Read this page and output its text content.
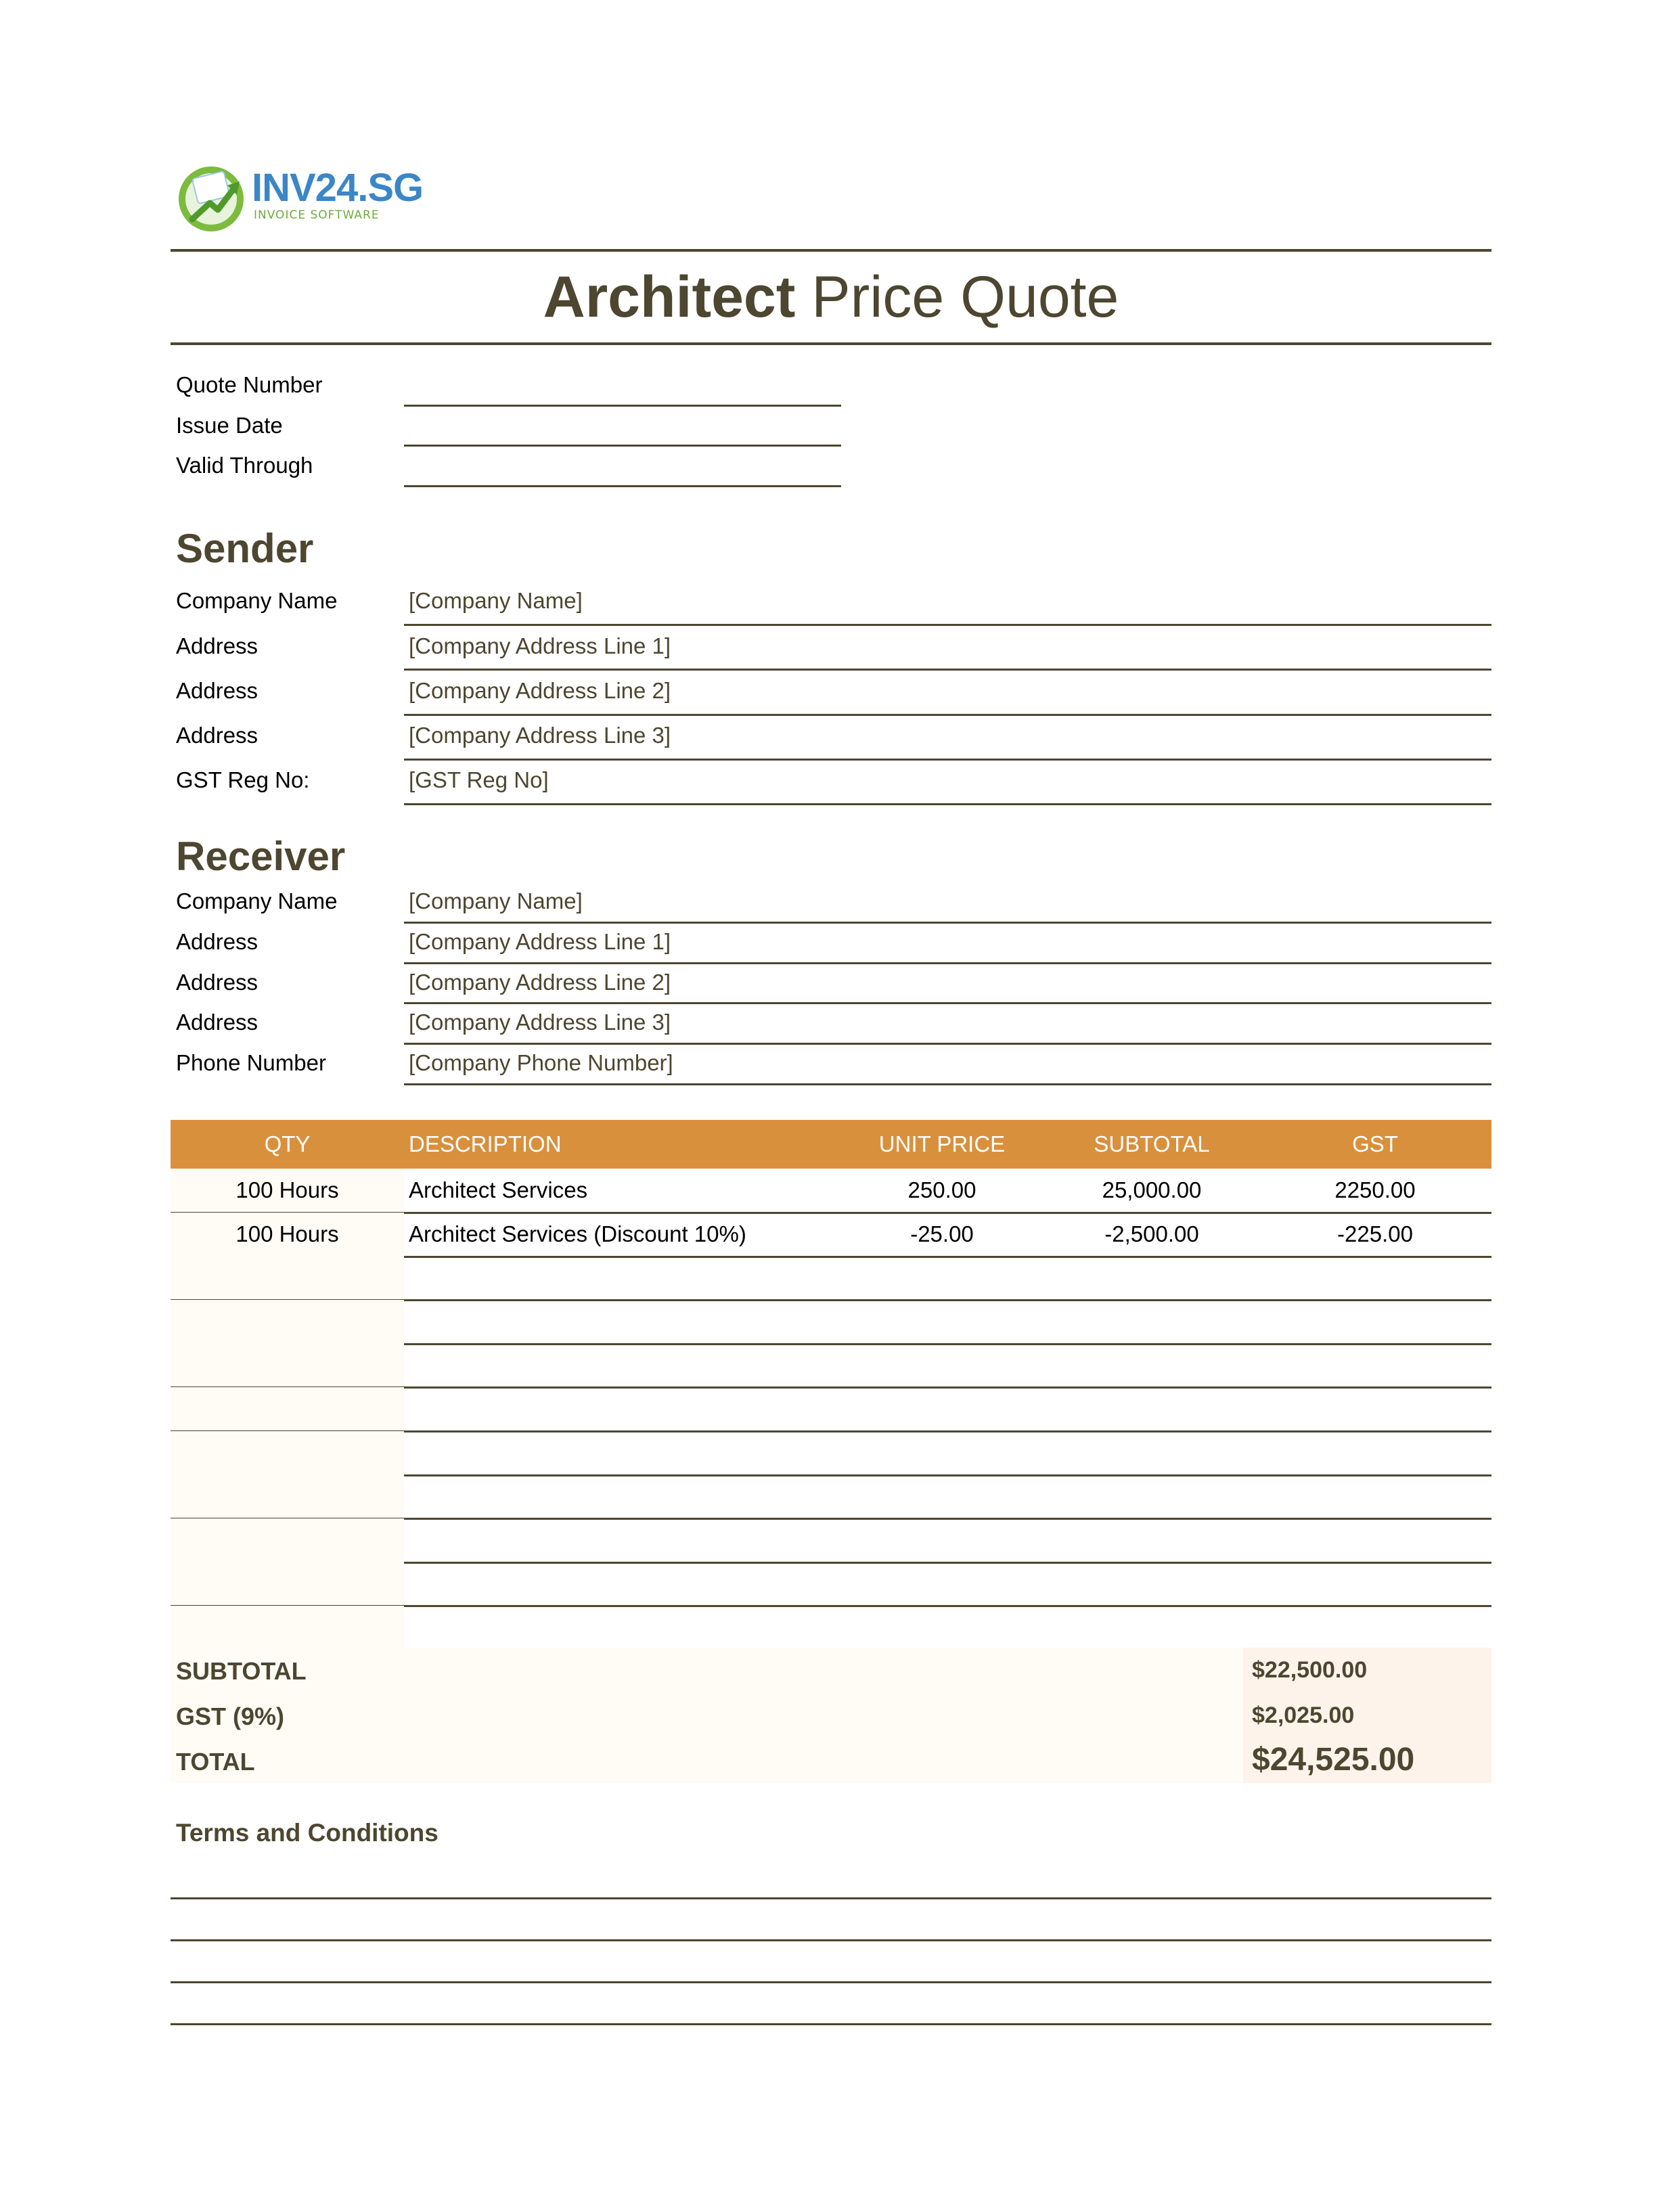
INV24.SG
INVOICE SOFTWARE
Architect Price Quote
Quote Number
Issue Date
Valid Through
Sender
Company Name	[Company Name]
Address	[Company Address Line 1]
Address	[Company Address Line 2]
Address	[Company Address Line 3]
GST Reg No:	[GST Reg No]
Receiver
Company Name	[Company Name]
Address	[Company Address Line 1]
Address	[Company Address Line 2]
Address	[Company Address Line 3]
Phone Number	[Company Phone Number]
QTY	DESCRIPTION	UNIT PRICE	SUBTOTAL	GST
100 Hours	Architect Services	250.00	25,000.00	2250.00
100 Hours	Architect Services (Discount 10%)	-25.00	-2,500.00	-225.00
SUBTOTAL	$22,500.00
GST (9%)	$2,025.00
TOTAL	$24,525.00
Terms and Conditions
